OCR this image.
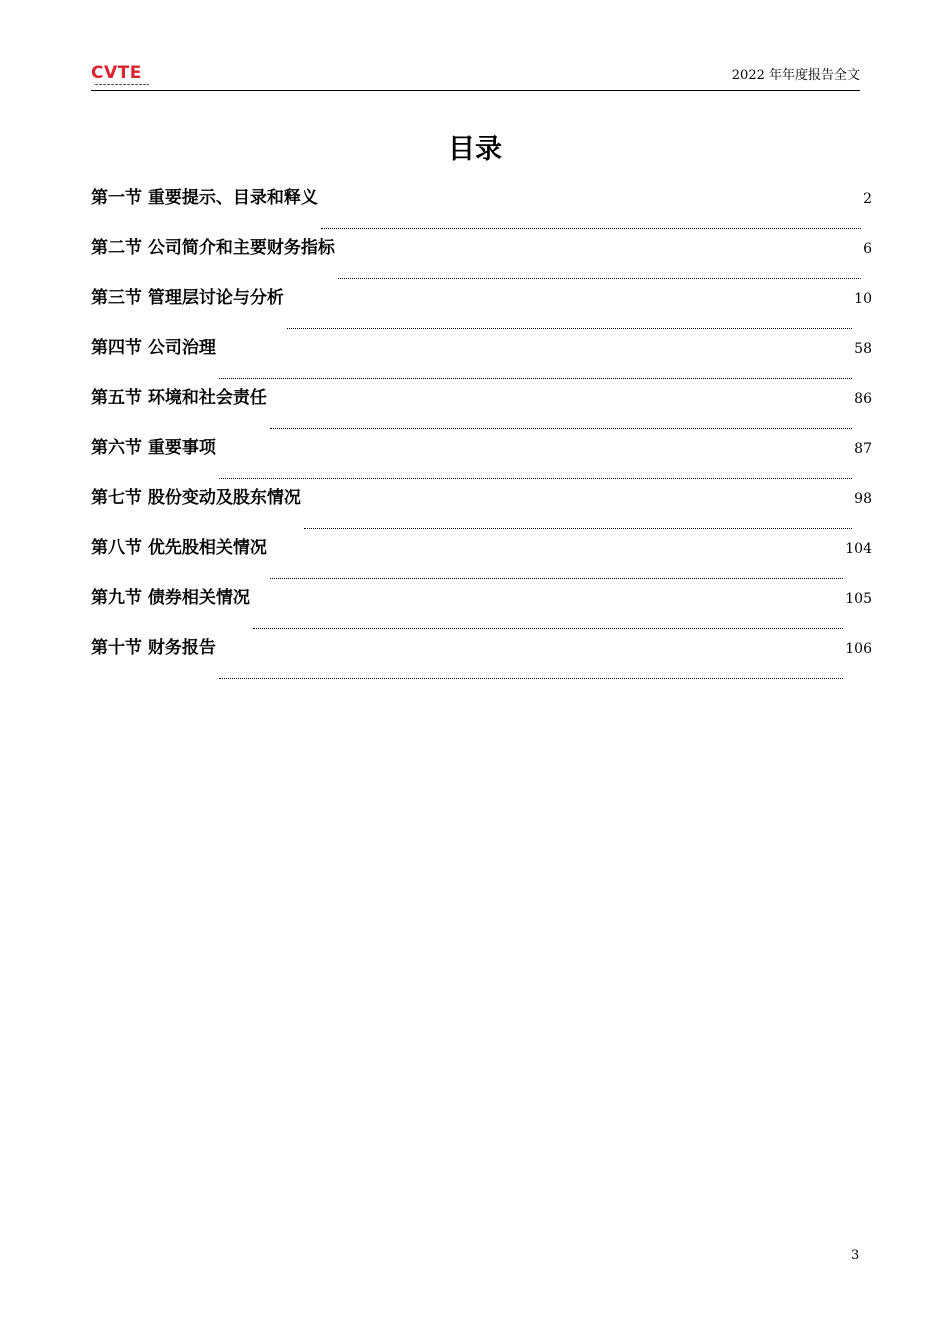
CVTE	2022 年年度报告全文
目录
第一节 重要提示、目录和释义	2
第二节 公司简介和主要财务指标	6
第三节 管理层讨论与分析	10
第四节 公司治理	58
第五节 环境和社会责任	86
第六节 重要事项	87
第七节 股份变动及股东情况	98
第八节 优先股相关情况	104
第九节 债券相关情况	105
第十节 财务报告	106
3
